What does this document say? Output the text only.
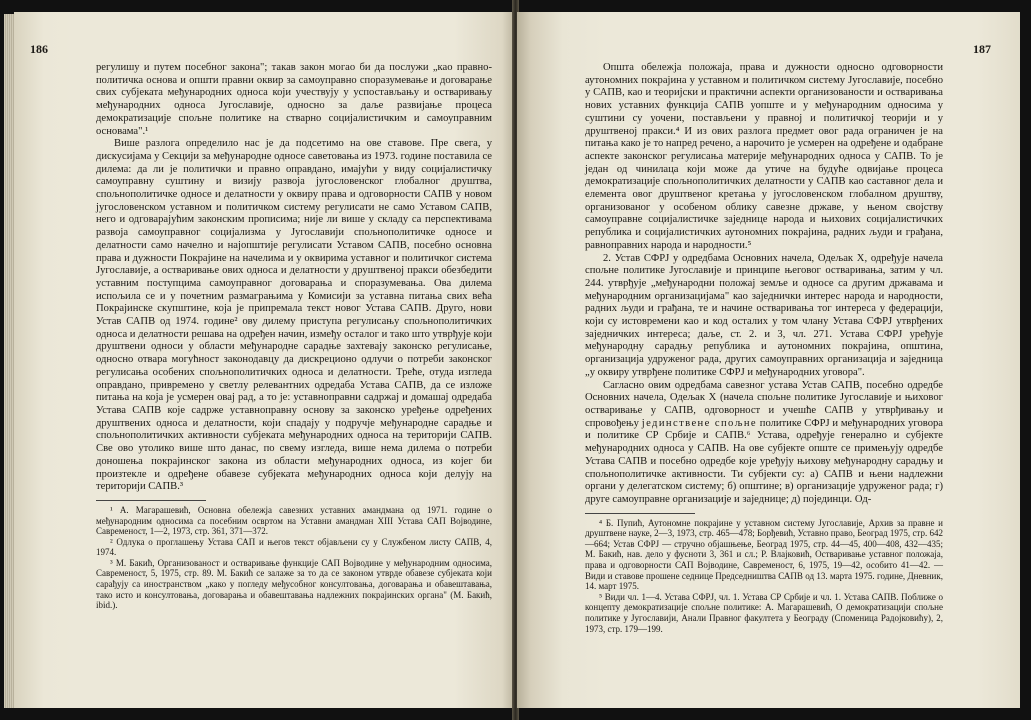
186

регулишу и путем посебног закона"; такав закон могао би да послужи „као правно-политичка основа и општи правни оквир за самоуправно споразумевање и договарање свих субјеката међународних односа који учествују у успостављању и остваривању међународних односа Југославије, односно за даље развијање процеса демократизације спољне политике на стварно социјалистичким и самоуправним основама".¹

Више разлога определило нас је да подсетимо на ове ставове. Пре свега, у дискусијама у Секцији за међународне односе саветовања из 1973. године поставила се дилема: да ли је политички и правно оправдано, имајући у виду социјалистичку самоуправну суштину и визију развоја југословенског глобалног друштва, спољнополитичке односе и делатности у оквиру права и одговорности САПВ у новом југословенском уставном и политичком систему регулисати не само Уставом САПВ, него и одговарајућим законским прописима; није ли више у складу са перспективама развоја самоуправног социјализма у Југославији спољнополитичке односе и делатности само начелно и најопштије регулисати Уставом САПВ, посебно основна права и дужности Покрајине на начелима и у оквирима уставног и политичког система Југославије, а остваривање ових односа и делатности у друштвеној пракси обезбедити уставним поступцима самоуправног договарања и споразумевања. Ова дилема испољила се и у почетним размаграњима у Комисији за уставна питања свих већа Покрајинске скупштине, која је припремала текст новог Устава САПВ. Друго, нови Устав САПВ од 1974. године² ову дилему приступа регулисању спољнополитичких односа и делатности решава на одређен начин, између осталог и тако што утврђује који друштвени односи у области међународне сарадње захтевају законско регулисање, односно отвара могућност законодавцу да дискреционо одлучи о потреби законског регулисања особених спољнополитичких односа и делатности. Треће, отуда изгледа оправдано, привремено у светлу релевантних одредаба Устава САПВ, да се изложе питања на која је усмерен овај рад, а то је: уставноправни садржај и домашај одредаба Устава САПВ које садрже уставноправну основу за законско уређење одређених друштвених односа и делатности, који спадају у подручје међународне сарадње и спољнополитичких активности субјеката међународних односа на територији САПВ. Све ово утолико више што данас, по свему изгледа, више нема дилема о потреби доношења покрајинског закона из области међународних односа, из којег би произтекле и одређене обавезе субјеката међународних односа који делују на територији САПВ.³

¹ А. Магарашевић, Основна обележја савезних уставних амандмана од 1971. године о међународним односима са посебним освртом на Уставни амандман XIII Устава САП Војводине, Савременост, 1—2, 1973, стр. 361, 371—372.

² Одлука о проглашењу Устава САП и његов текст објављени су у Службеном листу САПВ, 4, 1974.

³ М. Бакић, Организованост и остваривање функције САП Војводине у међународним односима, Савременост, 5, 1975, стр. 89. М. Бакић се залаже за то да се законом утврде обавезе субјеката који сарађују са иностранством „како у погледу међусобног консултовања, договарања и обавештавања, тако исто и консултовања, договарања и обавештавања надлежних покрајинских органа" (М. Бакић, ibid.).

187

Општа обележја положаја, права и дужности односно одговорности аутономних покрајина у уставном и политичком систему Југославије, посебно у САПВ, као и теоријски и практични аспекти организованости и остваривања нових уставних функција САПВ уопште и у међународним односима у суштини су уочени, постављени у правној и политичкој теорији и у друштвеној пракси.⁴ И из ових разлога предмет овог рада ограничен је на питања како је то напред речено, а нарочито је усмерен на одређене и одабране аспекте законског регулисања материје међународних односа у САПВ. То је један од чинилаца који може да утиче на будуће одвијање процеса демократизације спољнополитичких делатности у САПВ као саставног дела и елемента овог друштвеног кретања у југословенском глобалном друштву, организованог у особеном облику савезне државе, у њеном својству самоуправне социјалистичке заједнице народа и њихових социјалистичких република и социјалистичких аутономних покрајина, радних људи и грађана, равноправних народа и народности.⁵

2. Устав СФРЈ у одредбама Основних начела, Одељак X, одређује начела спољне политике Југославије и принципе његовог остваривања, затим у чл. 244. утврђује „међународни положај земље и односе са другим државама и међународним организацијама" као заједнички интерес народа и народности, радних људи и грађана, те и начине остваривања тог интереса у федерацији, који су истовремени као и код осталих у том члану Устава СФРЈ утврђених заједничких интереса; даље, ст. 2. и 3, чл. 271. Устава СФРЈ уређује међународну сарадњу република и аутономних покрајина, општина, организација удруженог рада, других самоуправних организација и заједница „у оквиру утврђене политике СФРЈ и међународних уговора".

Сагласно овим одредбама савезног устава Устав САПВ, посебно одредбе Основних начела, Одељак X (начела спољне политике Југославије и њиховог остваривање у САПВ, одговорност и учешће САПВ у утврђивању и спровођењу јединствене спољне политике СФРЈ и међународних уговора и политике СР Србије и САПВ.⁶ Устава, одређује генерално и субјекте међународних односа у САПВ. На ове субјекте опште се примењују одредбе Устава САПВ и посебно одредбе које уређују њихову међународну сарадњу и спољнополитичке активности. Ти субјекти су: а) САПВ и њени надлежни органи у делегатском систему; б) општине; в) организације удруженог рада; г) друге самоуправне организације и заједнице; д) појединци. Од-

⁴ Б. Пупић, Аутономне покрајине у уставном систему Југославије, Архив за правне и друштвене науке, 2—3, 1973, стр. 465—478; Борђевић, Уставно право, Београд 1975, стр. 642—664; Устав СФРЈ — стручно објашњење, Београд 1975, стр. 44—45, 400—408, 432—435; М. Бакић, нав. дело у фусноти 3, 361 и сл.; Р. Влајковић, Остваривање уставног положаја, права и одговорности САП Војводине, Савременост, 6, 1975, 19—42, особито 41—42. — Види и ставове прошене седнице Председништва САПВ од 13. марта 1975. године, Дневник, 14. март 1975.

⁵ Види чл. 1—4. Устава СФРЈ, чл. 1. Устава СР Србије и чл. 1. Устава САПВ. Поближе о концепту демократизације спољне политике: А. Магарашевић, О демократизацији спољне политике у Југославији, Анали Правног факултета у Београду (Споменица Радојковићу), 2, 1973, стр. 179—199.
